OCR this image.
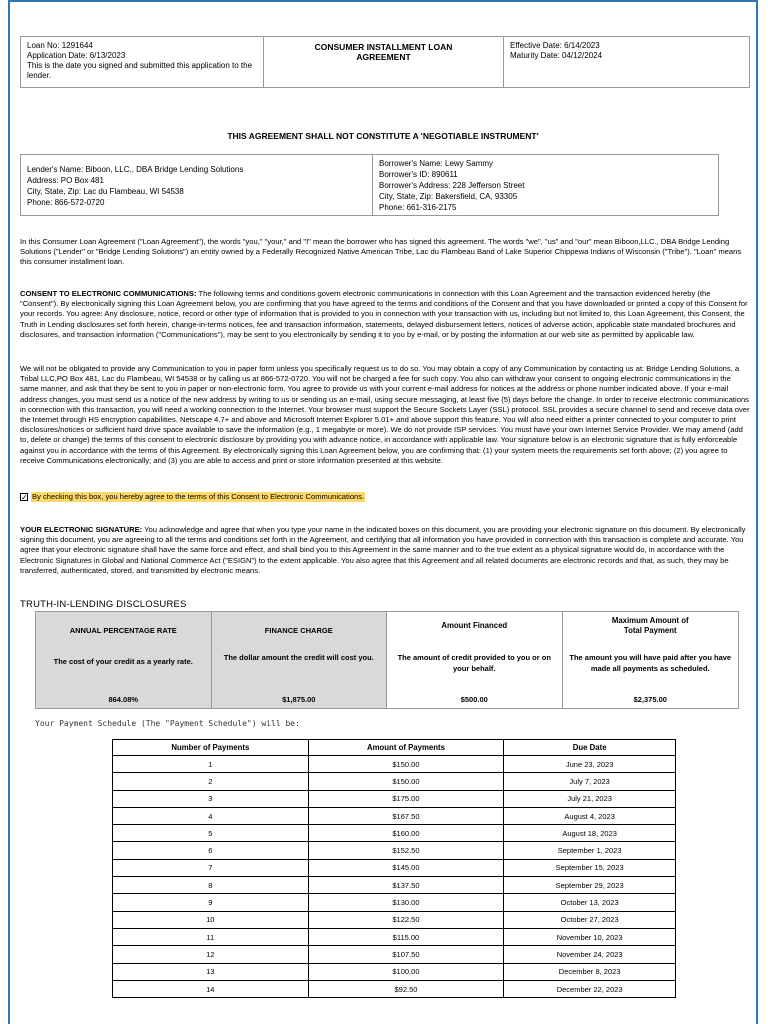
Loan No: 1291644
Application Date: 6/13/2023
This is the date you signed and submitted this application to the lender.
CONSUMER INSTALLMENT LOAN
AGREEMENT
Effective Date: 6/14/2023
Maturity Date: 04/12/2024
THIS AGREEMENT SHALL NOT CONSTITUTE A 'NEGOTIABLE INSTRUMENT'
Lender's Name: Biboon, LLC., DBA Bridge Lending Solutions
Address: PO Box 481
City, State, Zip: Lac du Flambeau, WI 54538
Phone: 866-572-0720
Borrower's Name: Lewy Sammy
Borrower's ID: 890611
Borrower's Address: 228 Jefferson Street
City, State, Zip: Bakersfield, CA, 93305
Phone: 661-316-2175
In this Consumer Loan Agreement ("Loan Agreement"), the words "you," "your," and "I" mean the borrower who has signed this agreement. The words "we", "us" and "our" mean Biboon,LLC., DBA Bridge Lending Solutions ("Lender" or "Bridge Lending Solutions") an entity owned by a Federally Recognized Native American Tribe, Lac du Flambeau Band of Lake Superior Chippewa Indians of Wisconsin ("Tribe"). "Loan" means this consumer installment loan.
CONSENT TO ELECTRONIC COMMUNICATIONS: The following terms and conditions govern electronic communications in connection with this Loan Agreement and the transaction evidenced hereby (the "Consent"). By electronically signing this Loan Agreement below, you are confirming that you have agreed to the terms and conditions of the Consent and that you have downloaded or printed a copy of this Consent for your records. You agree: Any disclosure, notice, record or other type of information that is provided to you in connection with your transaction with us, including but not limited to, this Loan Agreement, this Consent, the Truth in Lending disclosures set forth herein, change-in-terms notices, fee and transaction information, statements, delayed disbursement letters, notices of adverse action, applicable state mandated brochures and disclosures, and transaction information ("Communications"), may be sent to you electronically by sending it to you by e-mail, or by posting the information at our web site as permitted by applicable law.
We will not be obligated to provide any Communication to you in paper form unless you specifically request us to do so. You may obtain a copy of any Communication by contacting us at: Bridge Lending Solutions, a Tribal LLC,PO Box 481, Lac du Flambeau, WI 54538 or by calling us at 866-572-0720. You will not be charged a fee for such copy. You also can withdraw your consent to ongoing electronic communications in the same manner, and ask that they be sent to you in paper or non-electronic form. You agree to provide us with your current e-mail address for notices at the address or phone number indicated above. If your e-mail address changes, you must send us a notice of the new address by writing to us or sending us an e-mail, using secure messaging, at least five (5) days before the change. In order to receive electronic communications in connection with this transaction, you will need a working connection to the Internet. Your browser must support the Secure Sockets Layer (SSL) protocol. SSL provides a secure channel to send and receive data over the Internet through HS encryption capabilities. Netscape 4.7+ and above and Microsoft Internet Explorer 5.01+ and above support this feature. You will also need either a printer connected to your computer to print disclosures/notices or sufficient hard drive space available to save the information (e.g., 1 megabyte or more). We do not provide ISP services. You must have your own Internet Service Provider. We may amend (add to, delete or change) the terms of this consent to electronic disclosure by providing you with advance notice, in accordance with applicable law. Your signature below is an electronic signature that is fully enforceable against you in accordance with the terms of this Agreement. By electronically signing this Loan Agreement below, you are confirming that: (1) your system meets the requirements set forth above; (2) you agree to receive Communications electronically; and (3) you are able to access and print or store information presented at this website.
✓ By checking this box, you hereby agree to the terms of this Consent to Electronic Communications.
YOUR ELECTRONIC SIGNATURE: You acknowledge and agree that when you type your name in the indicated boxes on this document, you are providing your electronic signature on this document. By electronically signing this document, you are agreeing to all the terms and conditions set forth in the Agreement, and certifying that all information you have provided in connection with this transaction is complete and accurate. You agree that your electronic signature shall have the same force and effect, and shall bind you to this Agreement in the same manner and to the true extent as a physical signature would do, in accordance with the Electronic Signatures in Global and National Commerce Act ("ESIGN") to the extent applicable. You also agree that this Agreement and all related documents are electronic records and that, as such, they may be transferred, authenticated, stored, and transmitted by electronic means.
TRUTH-IN-LENDING DISCLOSURES
ANNUAL PERCENTAGE RATE
The cost of your credit as a yearly rate.
864.08%
FINANCE CHARGE
The dollar amount the credit will cost you.
$1,875.00
Amount Financed
The amount of credit provided to you or on your behalf.
$500.00
Maximum Amount of
Total Payment
The amount you will have paid after you have made all payments as scheduled.
$2,375.00
Your Payment Schedule (The "Payment Schedule") will be:
Number of Payments	Amount of Payments	Due Date
1	$150.00	June 23, 2023
2	$150.00	July 7, 2023
3	$175.00	July 21, 2023
4	$167.50	August 4, 2023
5	$160.00	August 18, 2023
6	$152.50	September 1, 2023
7	$145.00	September 15, 2023
8	$137.50	September 29, 2023
9	$130.00	October 13, 2023
10	$122.50	October 27, 2023
11	$115.00	November 10, 2023
12	$107.50	November 24, 2023
13	$100.00	December 8, 2023
14	$92.50	December 22, 2023
